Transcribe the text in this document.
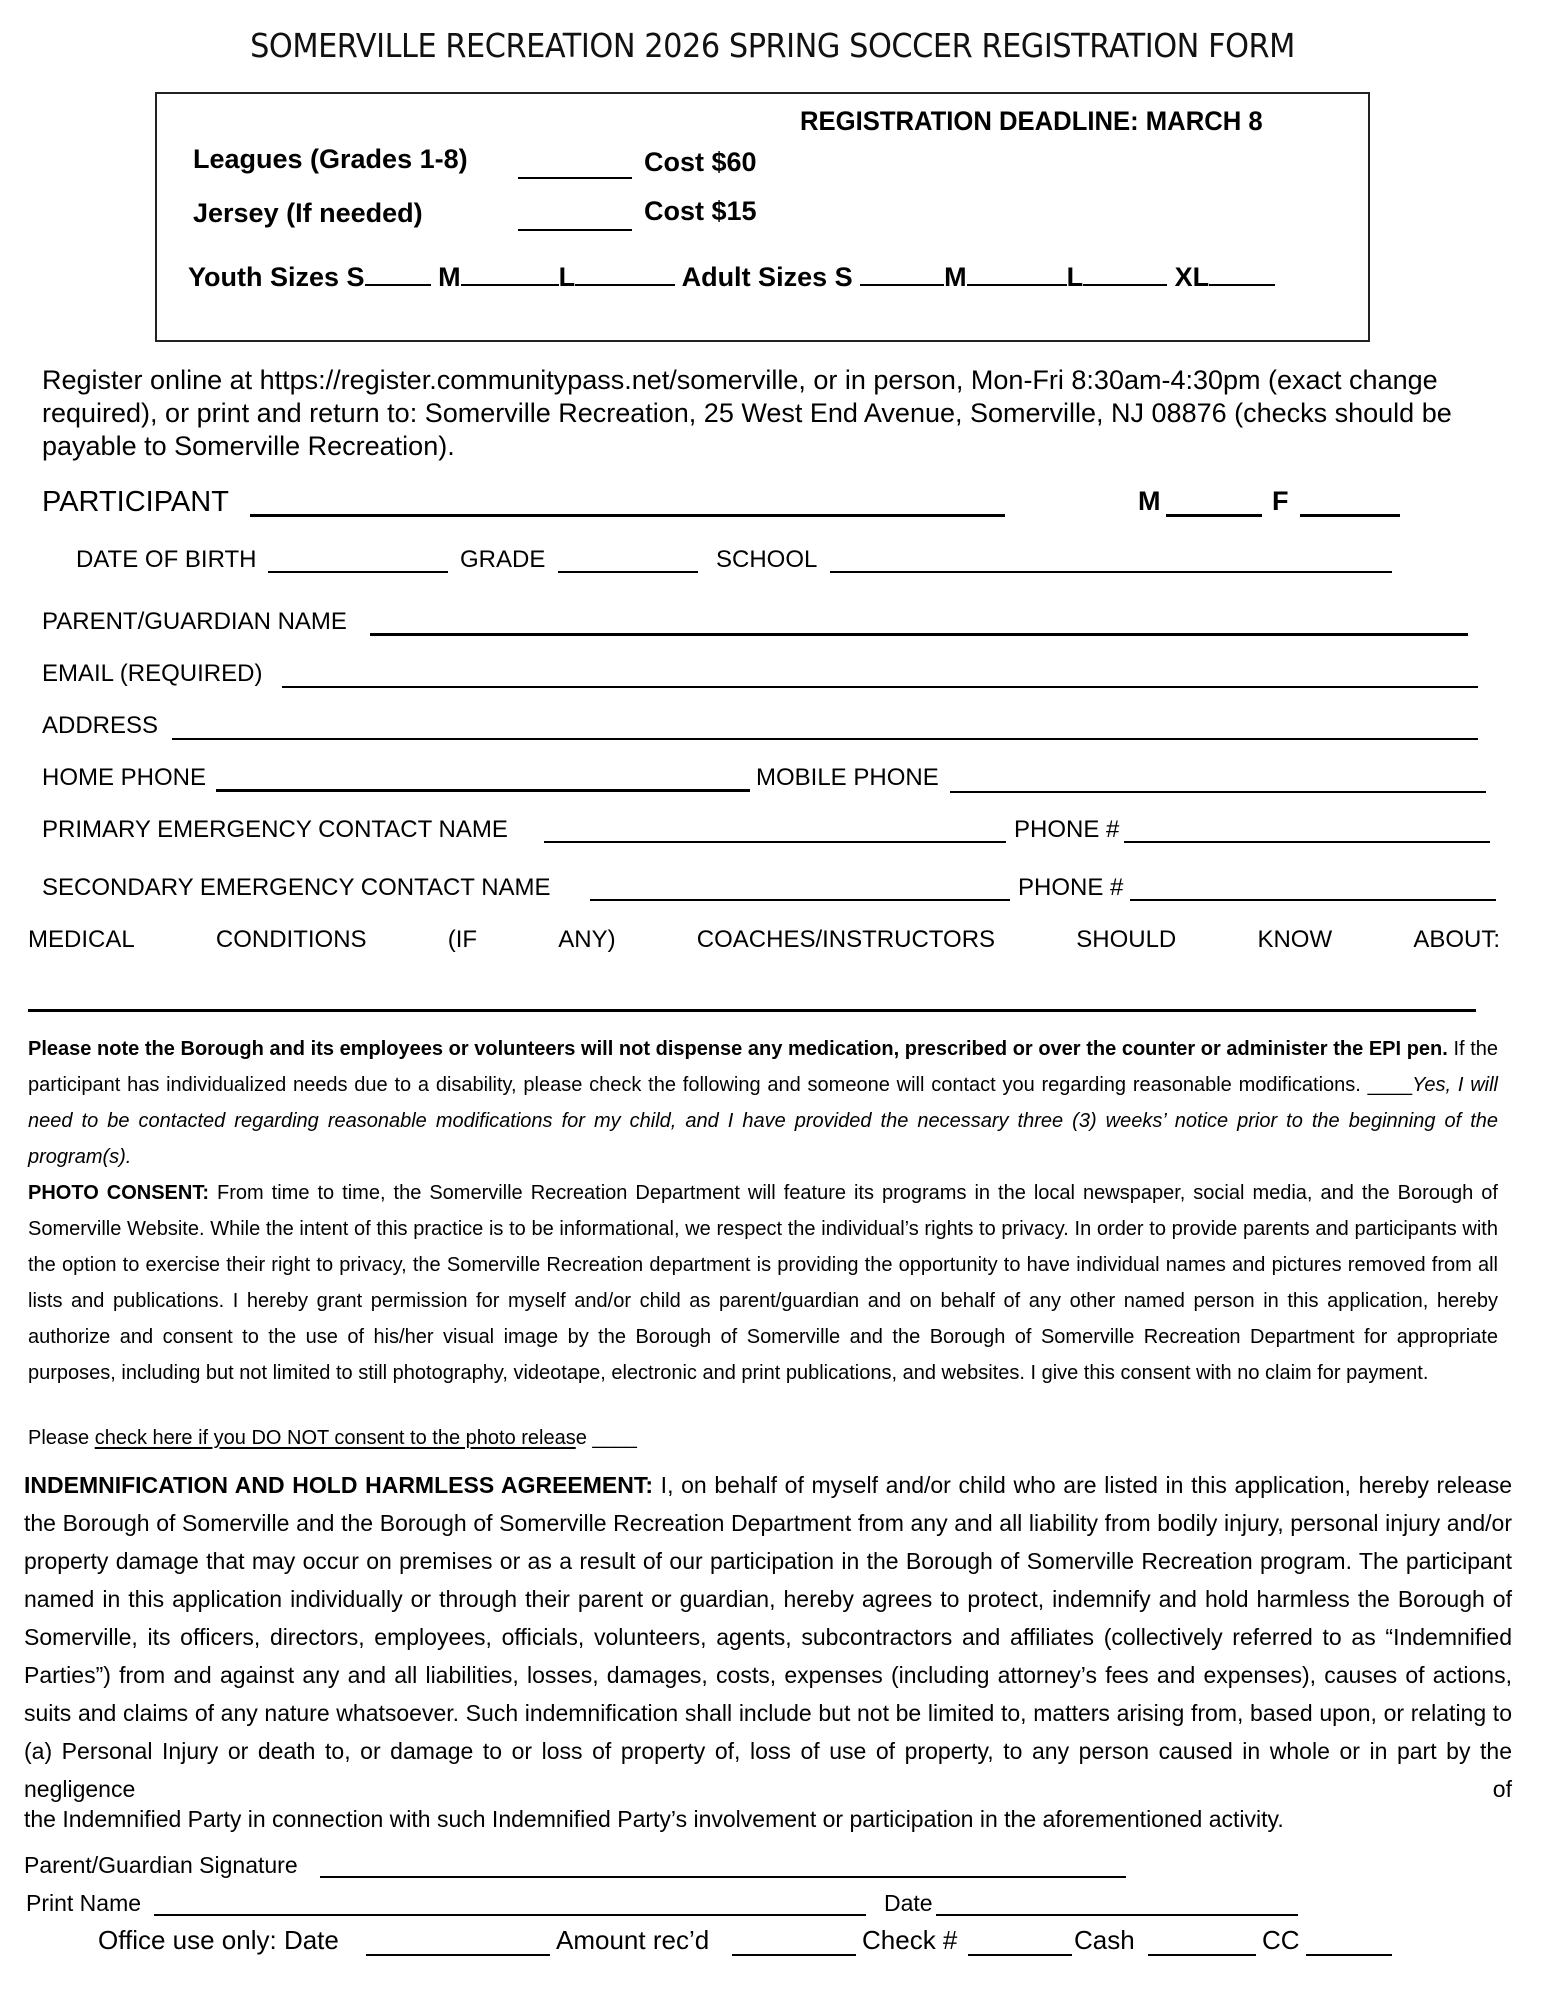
SOMERVILLE RECREATION 2026 SPRING SOCCER REGISTRATION FORM
REGISTRATION DEADLINE: MARCH 8
Leagues (Grades 1-8)	Cost $60
Jersey (If needed)	Cost $15
Youth Sizes S	M	L	Adult Sizes S	M	L	XL
Register online at https://register.communitypass.net/somerville, or in person, Mon-Fri 8:30am-4:30pm (exact change required), or print and return to: Somerville Recreation, 25 West End Avenue, Somerville, NJ 08876 (checks should be payable to Somerville Recreation).
PARTICIPANT	M	F
DATE OF BIRTH	GRADE	SCHOOL
PARENT/GUARDIAN NAME
EMAIL (REQUIRED)
ADDRESS
HOME PHONE	MOBILE PHONE
PRIMARY EMERGENCY CONTACT NAME	PHONE #
SECONDARY EMERGENCY CONTACT NAME	PHONE #
MEDICAL	CONDITIONS	(IF	ANY)	COACHES/INSTRUCTORS	SHOULD	KNOW	ABOUT:
Please note the Borough and its employees or volunteers will not dispense any medication, prescribed or over the counter or administer the EPI pen. If the participant has individualized needs due to a disability, please check the following and someone will contact you regarding reasonable modifications. ____Yes, I will need to be contacted regarding reasonable modifications for my child, and I have provided the necessary three (3) weeks’ notice prior to the beginning of the program(s).
PHOTO CONSENT: From time to time, the Somerville Recreation Department will feature its programs in the local newspaper, social media, and the Borough of Somerville Website. While the intent of this practice is to be informational, we respect the individual’s rights to privacy. In order to provide parents and participants with the option to exercise their right to privacy, the Somerville Recreation department is providing the opportunity to have individual names and pictures removed from all lists and publications. I hereby grant permission for myself and/or child as parent/guardian and on behalf of any other named person in this application, hereby authorize and consent to the use of his/her visual image by the Borough of Somerville and the Borough of Somerville Recreation Department for appropriate purposes, including but not limited to still photography, videotape, electronic and print publications, and websites. I give this consent with no claim for payment.
Please check here if you DO NOT consent to the photo release ____
INDEMNIFICATION AND HOLD HARMLESS AGREEMENT: I, on behalf of myself and/or child who are listed in this application, hereby release the Borough of Somerville and the Borough of Somerville Recreation Department from any and all liability from bodily injury, personal injury and/or property damage that may occur on premises or as a result of our participation in the Borough of Somerville Recreation program. The participant named in this application individually or through their parent or guardian, hereby agrees to protect, indemnify and hold harmless the Borough of Somerville, its officers, directors, employees, officials, volunteers, agents, subcontractors and affiliates (collectively referred to as “Indemnified Parties”) from and against any and all liabilities, losses, damages, costs, expenses (including attorney’s fees and expenses), causes of actions, suits and claims of any nature whatsoever. Such indemnification shall include but not be limited to, matters arising from, based upon, or relating to (a) Personal Injury or death to, or damage to or loss of property of, loss of use of property, to any person caused in whole or in part by the negligence of
the Indemnified Party in connection with such Indemnified Party’s involvement or participation in the aforementioned activity.
Parent/Guardian Signature
Print Name	Date
Office use only: Date	Amount rec’d	Check #	Cash	CC
